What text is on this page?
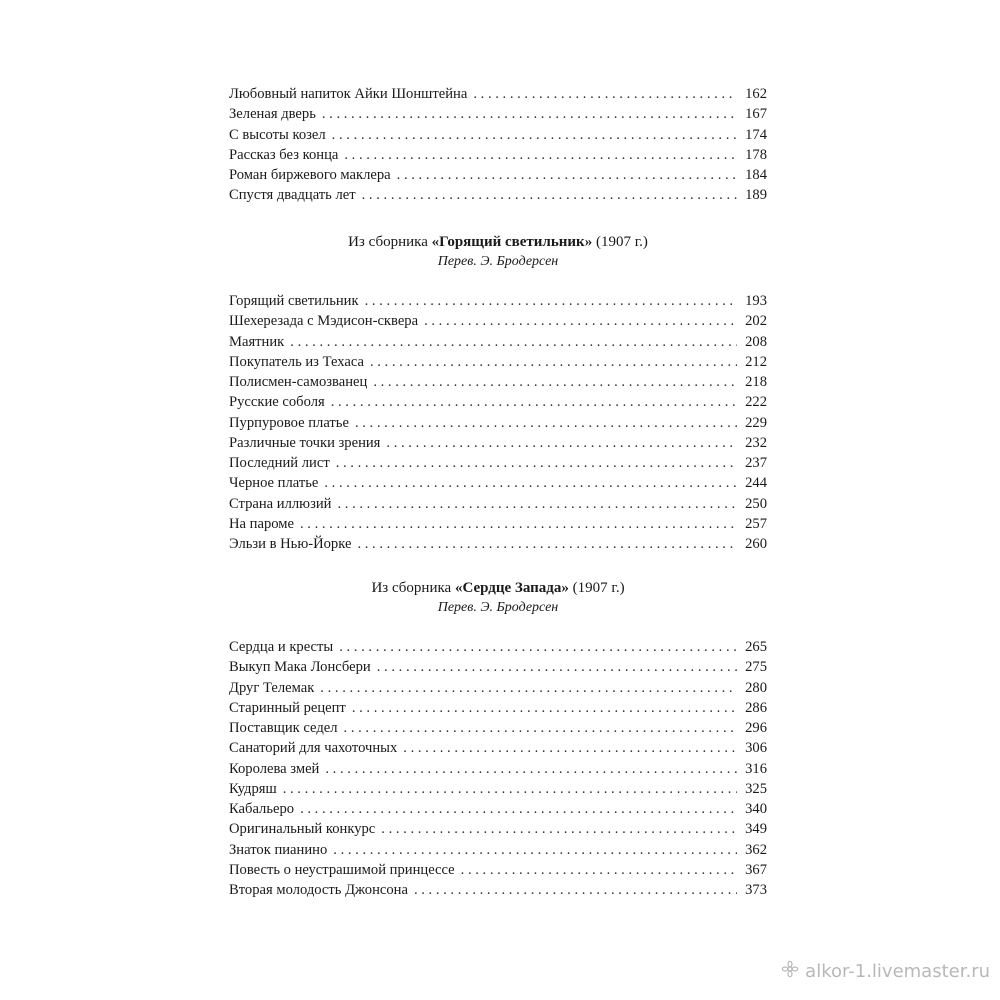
Любовный напиток Айки Шонштейна . . .	162
Зеленая дверь . . .	167
С высоты козел . . .	174
Рассказ без конца . . .	178
Роман биржевого маклера . . .	184
Спустя двадцать лет . . .	189
Из сборника «Горящий светильник» (1907 г.)
Перев. Э. Бродерсен
Горящий светильник . . .	193
Шехерезада с Мэдисон-сквера . . .	202
Маятник . . .	208
Покупатель из Техаса . . .	212
Полисмен-самозванец . . .	218
Русские соболя . . .	222
Пурпуровое платье . . .	229
Различные точки зрения . . .	232
Последний лист . . .	237
Черное платье . . .	244
Страна иллюзий . . .	250
На пароме . . .	257
Эльзи в Нью-Йорке . . .	260
Из сборника «Сердце Запада» (1907 г.)
Перев. Э. Бродерсен
Сердца и кресты . . .	265
Выкуп Мака Лонсбери . . .	275
Друг Телемак . . .	280
Старинный рецепт . . .	286
Поставщик седел . . .	296
Санаторий для чахоточных . . .	306
Королева змей . . .	316
Кудряш . . .	325
Кабальеро . . .	340
Оригинальный конкурс . . .	349
Знаток пианино . . .	362
Повесть о неустрашимой принцессе . . .	367
Вторая молодость Джонсона . . .	373
alkor-1.livemaster.ru
